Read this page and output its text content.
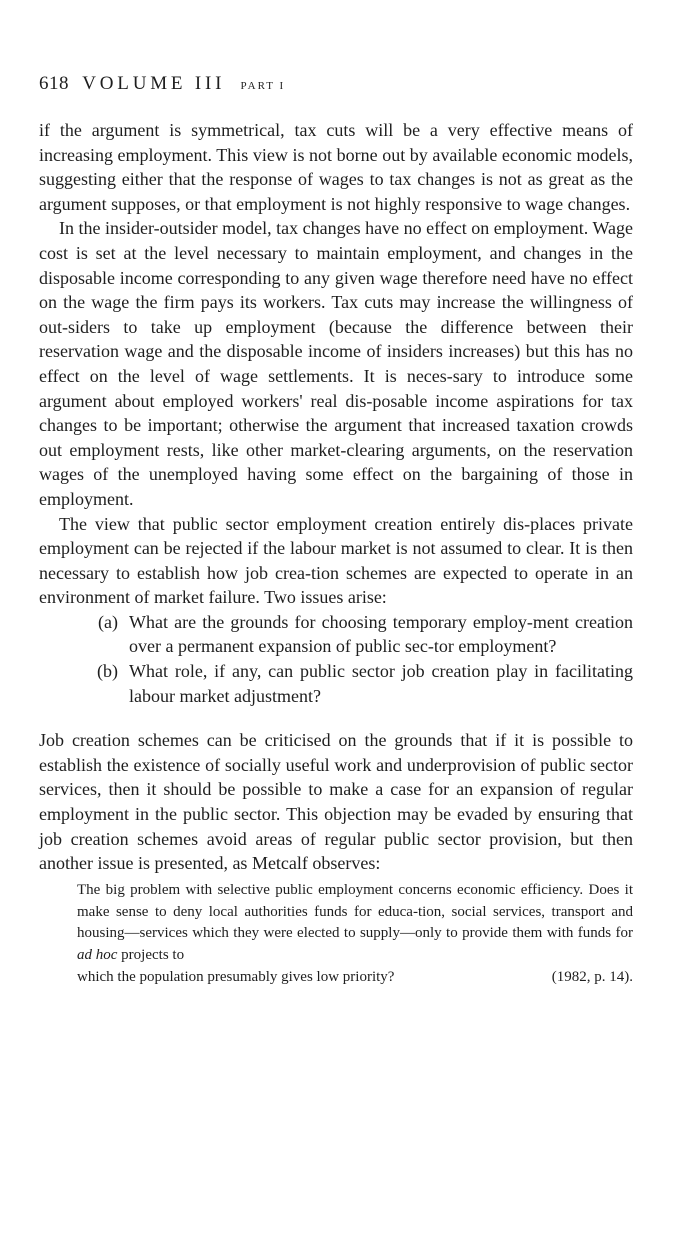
618 VOLUME III PART I

if the argument is symmetrical, tax cuts will be a very effective means of increasing employment. This view is not borne out by available economic models, suggesting either that the response of wages to tax changes is not as great as the argument supposes, or that employment is not highly responsive to wage changes.

In the insider-outsider model, tax changes have no effect on employment. Wage cost is set at the level necessary to maintain employment, and changes in the disposable income corresponding to any given wage therefore need have no effect on the wage the firm pays its workers. Tax cuts may increase the willingness of out-siders to take up employment (because the difference between their reservation wage and the disposable income of insiders increases) but this has no effect on the level of wage settlements. It is neces-sary to introduce some argument about employed workers' real dis-posable income aspirations for tax changes to be important; otherwise the argument that increased taxation crowds out employment rests, like other market-clearing arguments, on the reservation wages of the unemployed having some effect on the bargaining of those in employment.

The view that public sector employment creation entirely dis-places private employment can be rejected if the labour market is not assumed to clear. It is then necessary to establish how job crea-tion schemes are expected to operate in an environment of market failure. Two issues arise:

(a) What are the grounds for choosing temporary employ-ment creation over a permanent expansion of public sec-tor employment?
(b) What role, if any, can public sector job creation play in facilitating labour market adjustment?

Job creation schemes can be criticised on the grounds that if it is possible to establish the existence of socially useful work and underprovision of public sector services, then it should be possible to make a case for an expansion of regular employment in the public sector. This objection may be evaded by ensuring that job creation schemes avoid areas of regular public sector provision, but then another issue is presented, as Metcalf observes:

The big problem with selective public employment concerns economic efficiency. Does it make sense to deny local authorities funds for educa-tion, social services, transport and housing—services which they were elected to supply—only to provide them with funds for ad hoc projects to
which the population presumably gives low priority?	(1982, p. 14).
